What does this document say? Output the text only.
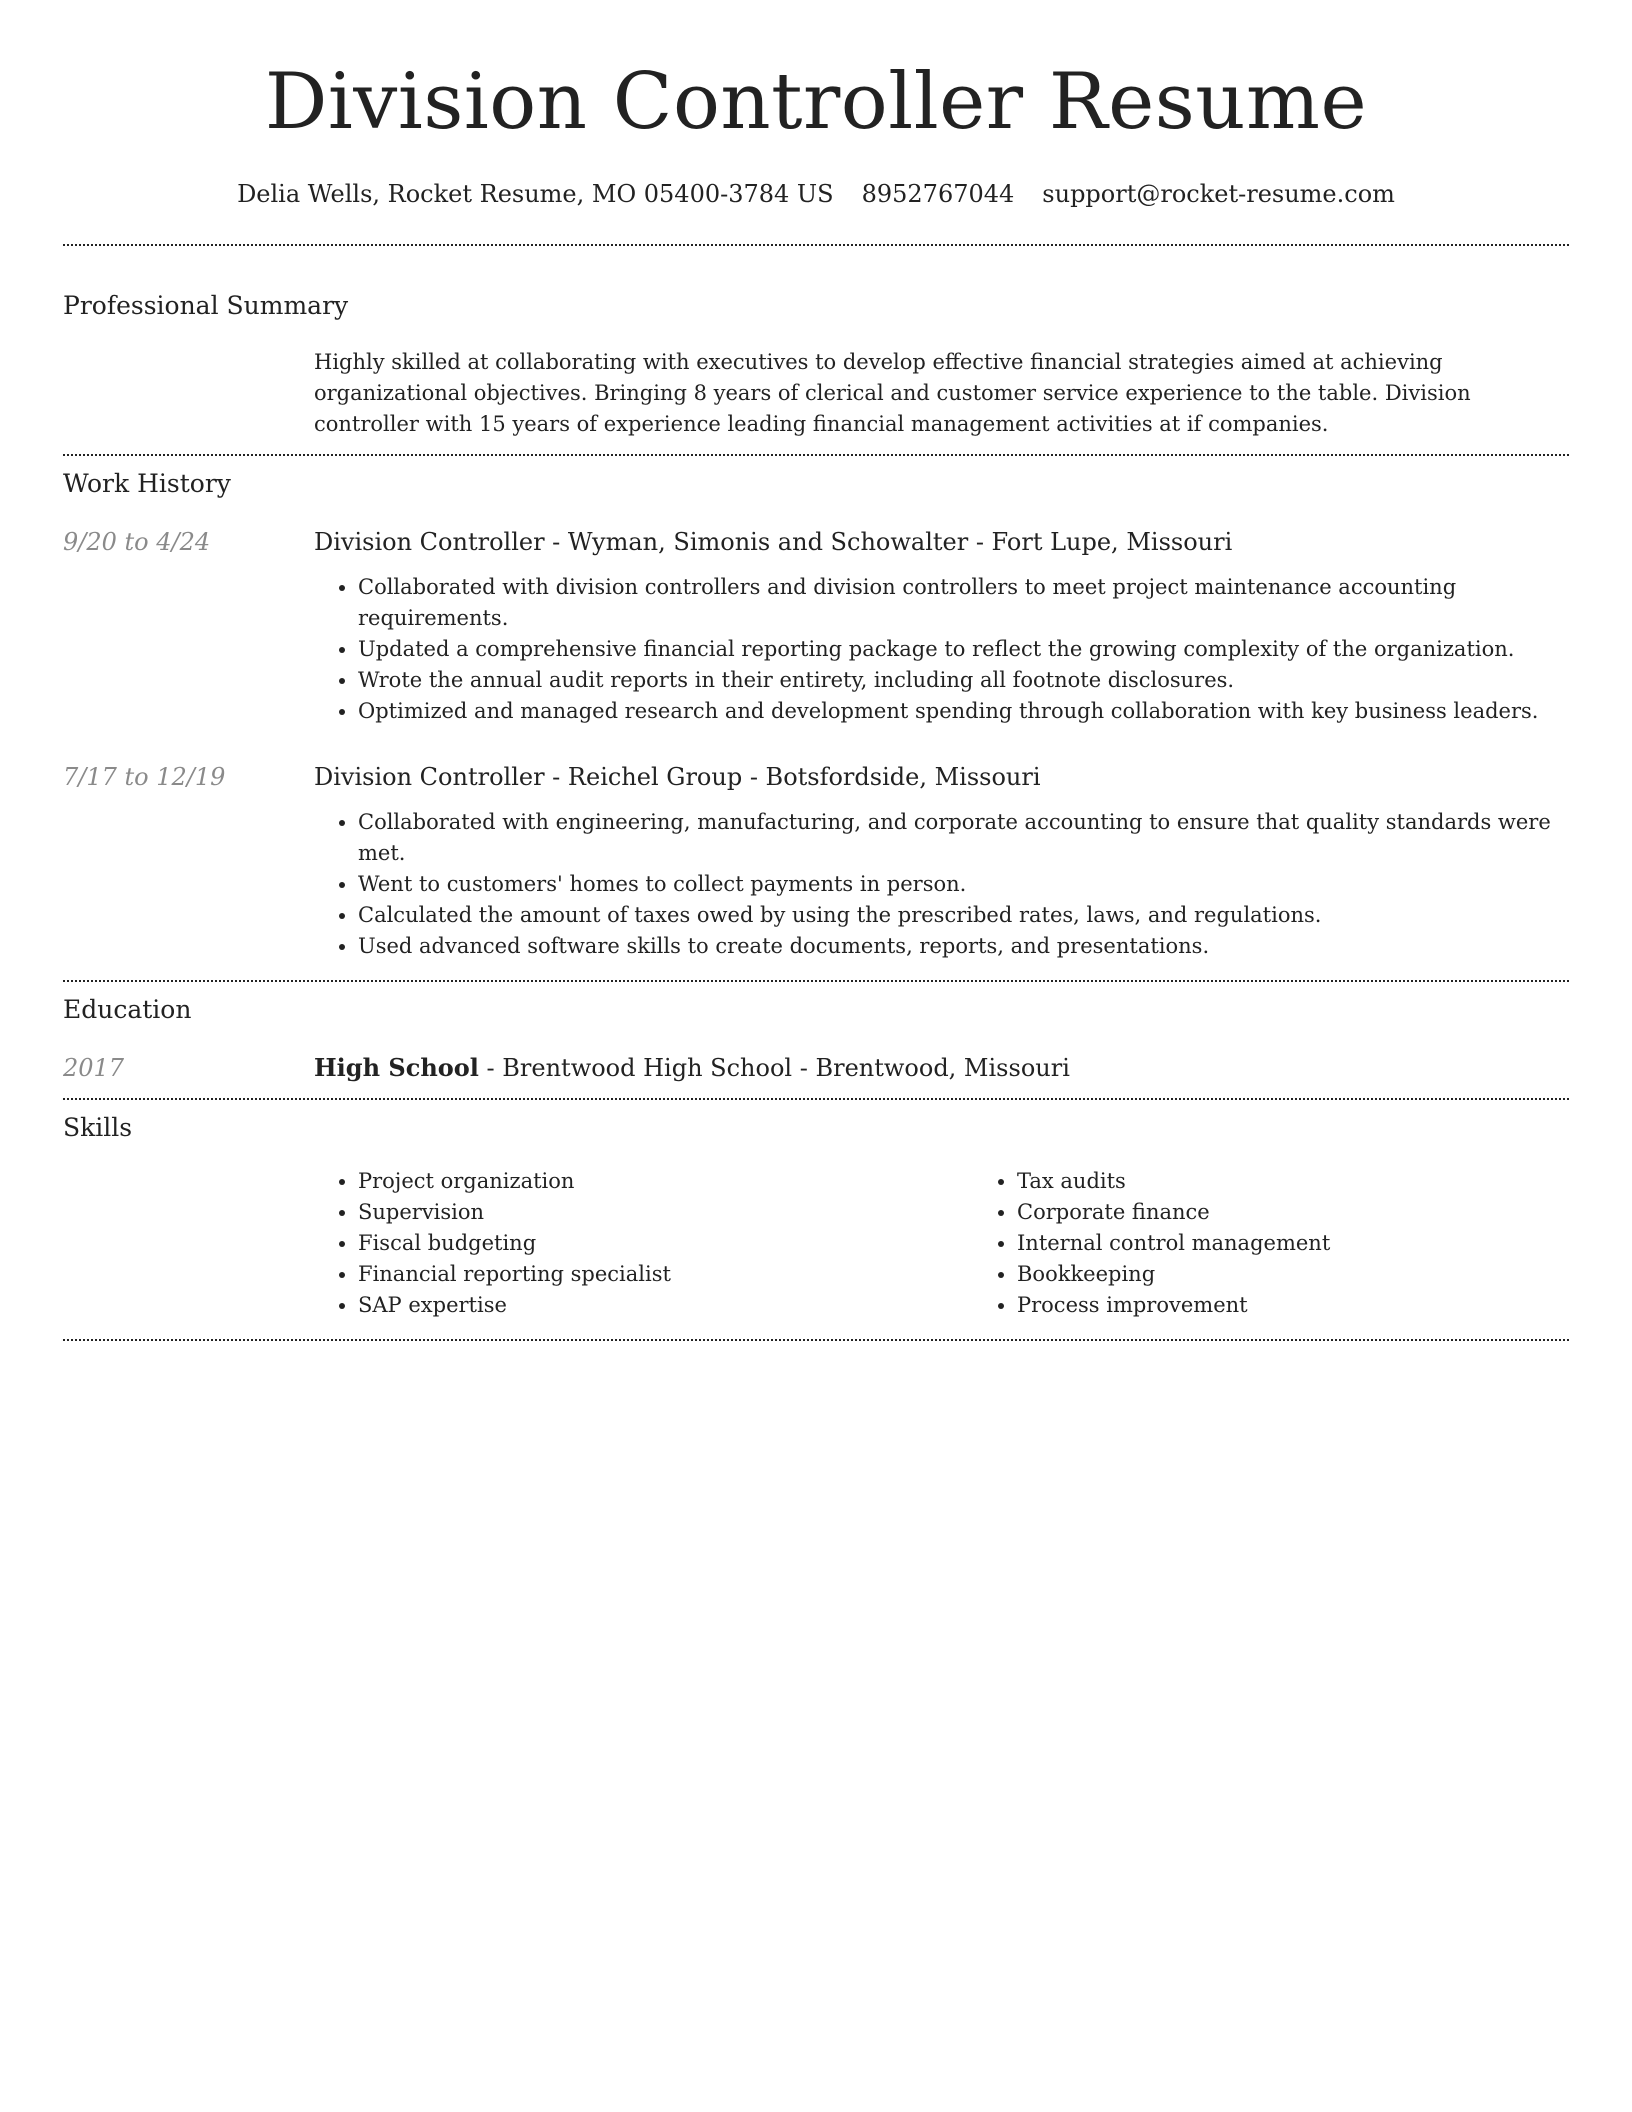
Division Controller Resume
Delia Wells, Rocket Resume, MO 05400-3784 US 8952767044 support@rocket-resume.com
Professional Summary
Highly skilled at collaborating with executives to develop effective financial strategies aimed at achieving organizational objectives. Bringing 8 years of clerical and customer service experience to the table. Division controller with 15 years of experience leading financial management activities at if companies.
Work History
9/20 to 4/24	Division Controller - Wyman, Simonis and Schowalter - Fort Lupe, Missouri
• Collaborated with division controllers and division controllers to meet project maintenance accounting requirements.
• Updated a comprehensive financial reporting package to reflect the growing complexity of the organization.
• Wrote the annual audit reports in their entirety, including all footnote disclosures.
• Optimized and managed research and development spending through collaboration with key business leaders.
7/17 to 12/19	Division Controller - Reichel Group - Botsfordside, Missouri
• Collaborated with engineering, manufacturing, and corporate accounting to ensure that quality standards were met.
• Went to customers' homes to collect payments in person.
• Calculated the amount of taxes owed by using the prescribed rates, laws, and regulations.
• Used advanced software skills to create documents, reports, and presentations.
Education
2017	High School - Brentwood High School - Brentwood, Missouri
Skills
• Project organization
• Supervision
• Fiscal budgeting
• Financial reporting specialist
• SAP expertise
• Tax audits
• Corporate finance
• Internal control management
• Bookkeeping
• Process improvement
